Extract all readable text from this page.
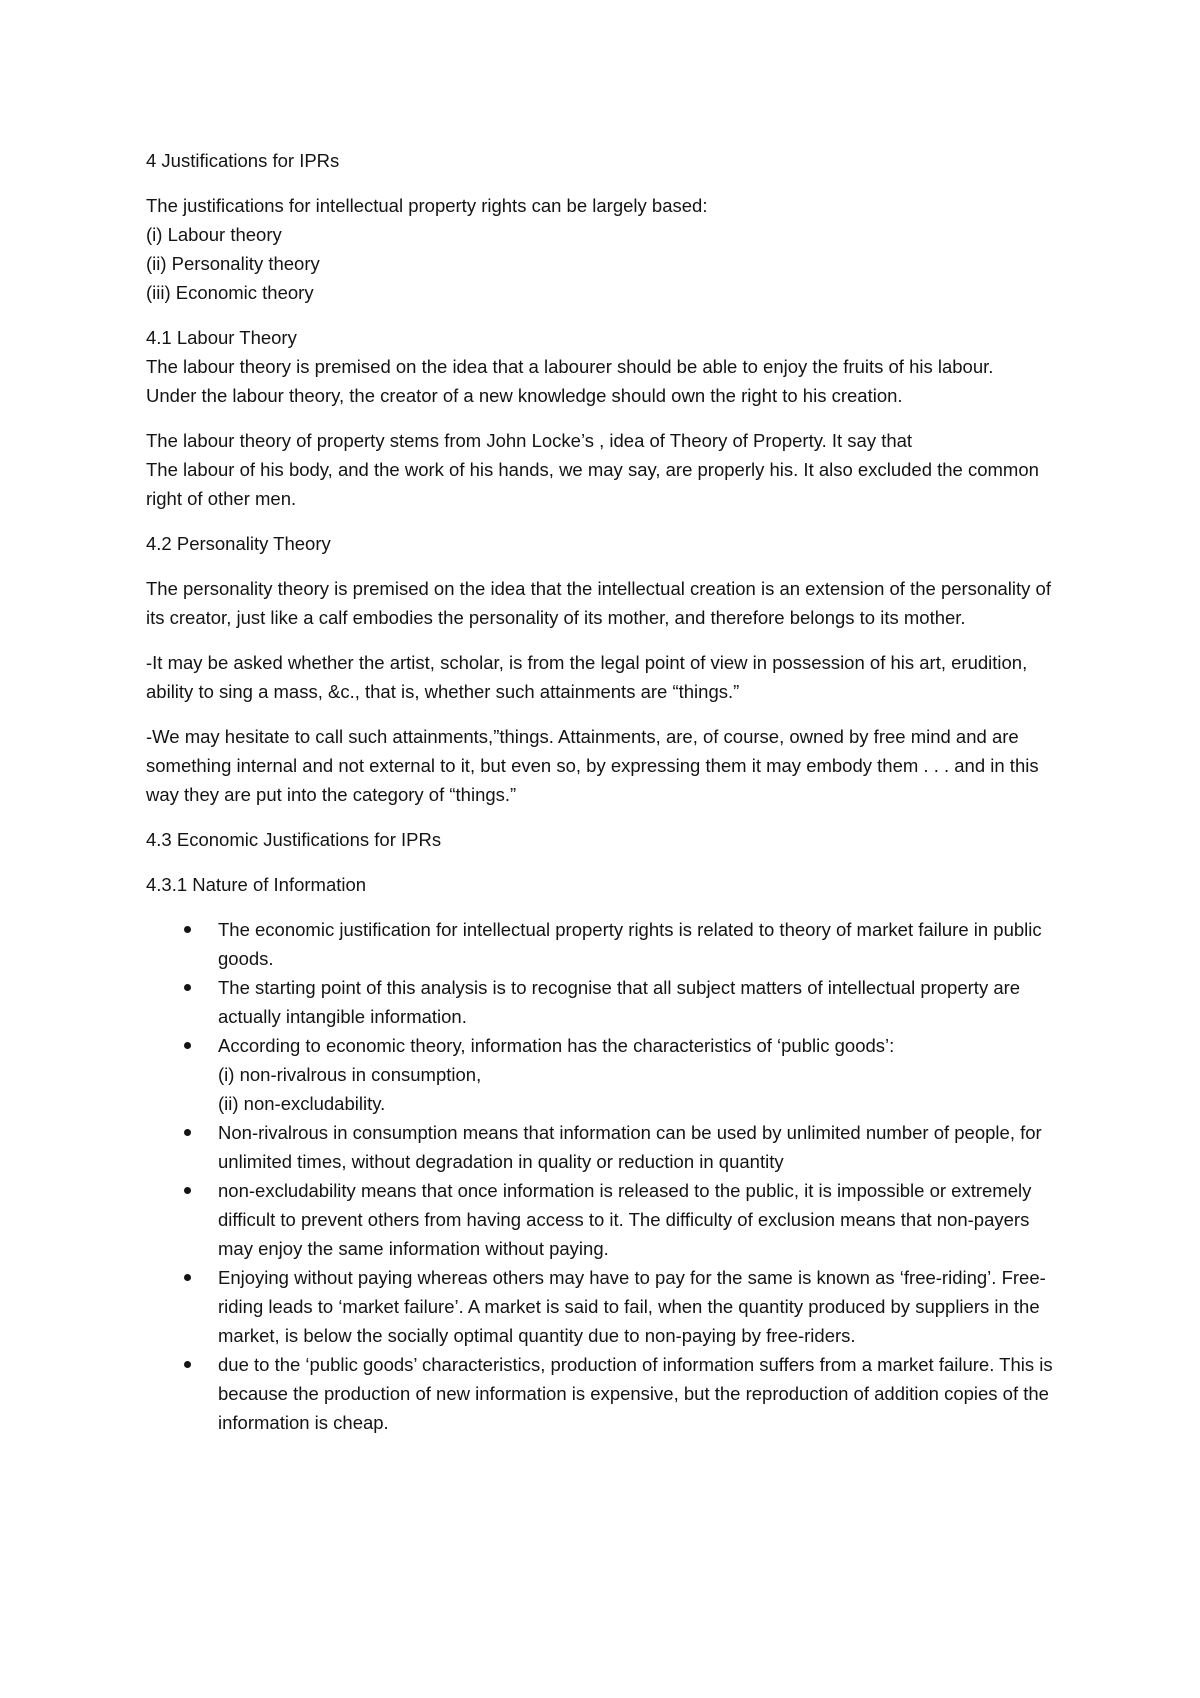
4 Justifications for IPRs

The justifications for intellectual property rights can be largely based:
(i) Labour theory
(ii) Personality theory
(iii) Economic theory

4.1 Labour Theory
The labour theory is premised on the idea that a labourer should be able to enjoy the fruits of his labour.
Under the labour theory, the creator of a new knowledge should own the right to his creation.

The labour theory of property stems from John Locke’s , idea of Theory of Property. It say that
The labour of his body, and the work of his hands, we may say, are properly his. It also excluded the common right of other men.

4.2 Personality Theory

The personality theory is premised on the idea that the intellectual creation is an extension of the personality of its creator, just like a calf embodies the personality of its mother, and therefore belongs to its mother.

-It may be asked whether the artist, scholar, is from the legal point of view in possession of his art, erudition, ability to sing a mass, &c., that is, whether such attainments are “things.”

-We may hesitate to call such attainments,”things. Attainments, are, of course, owned by free mind and are something internal and not external to it, but even so, by expressing them it may embody them . . . and in this way they are put into the category of “things.”

4.3 Economic Justifications for IPRs

4.3.1 Nature of Information

The economic justification for intellectual property rights is related to theory of market failure in public goods.
The starting point of this analysis is to recognise that all subject matters of intellectual property are actually intangible information.
According to economic theory, information has the characteristics of ‘public goods’:
(i) non-rivalrous in consumption,
(ii) non-excludability.
Non-rivalrous in consumption means that information can be used by unlimited number of people, for unlimited times, without degradation in quality or reduction in quantity
non-excludability means that once information is released to the public, it is impossible or extremely difficult to prevent others from having access to it. The difficulty of exclusion means that non-payers may enjoy the same information without paying.
Enjoying without paying whereas others may have to pay for the same is known as ‘free-riding’. Free-riding leads to ‘market failure’. A market is said to fail, when the quantity produced by suppliers in the market, is below the socially optimal quantity due to non-paying by free-riders.
due to the ‘public goods’ characteristics, production of information suffers from a market failure. This is because the production of new information is expensive, but the reproduction of addition copies of the information is cheap.
